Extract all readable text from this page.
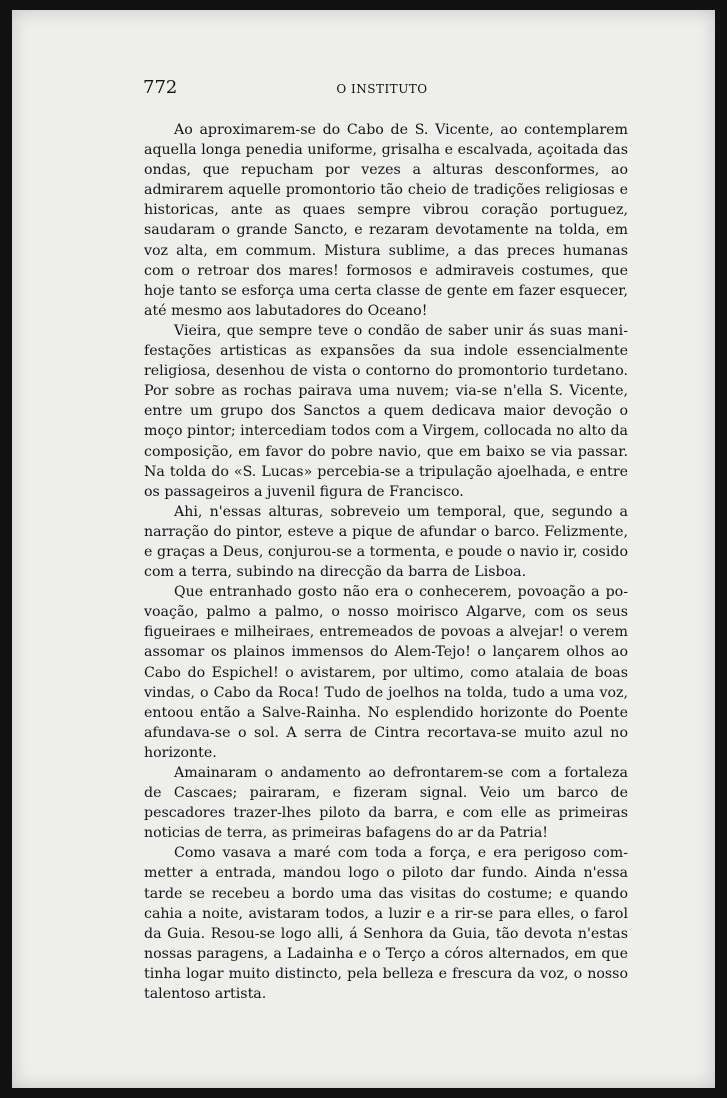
772	O INSTITUTO

Ao aproximarem-se do Cabo de S. Vicente, ao contemplarem aquella longa penedia uniforme, grisalha e escalvada, açoitada das ondas, que repucham por vezes a alturas desconformes, ao admirarem aquelle promontorio tão cheio de tradições religiosas e historicas, ante as quaes sempre vibrou coração portuguez, saudaram o grande Sancto, e rezaram devotamente na tolda, em voz alta, em commum. Mistura sublime, a das preces humanas com o retroar dos mares! formosos e admiraveis costumes, que hoje tanto se esforça uma certa classe de gente em fazer esquecer, até mesmo aos labutadores do Oceano!

Vieira, que sempre teve o condão de saber unir ás suas manifestações artisticas as expansões da sua indole essencialmente religiosa, desenhou de vista o contorno do promontorio turdetano. Por sobre as rochas pairava uma nuvem; via-se n'ella S. Vicente, entre um grupo dos Sanctos a quem dedicava maior devoção o moço pintor; intercediam todos com a Virgem, collocada no alto da composição, em favor do pobre navio, que em baixo se via passar. Na tolda do «S. Lucas» percebia-se a tripulação ajoelhada, e entre os passageiros a juvenil figura de Francisco.

Ahi, n'essas alturas, sobreveio um temporal, que, segundo a narração do pintor, esteve a pique de afundar o barco. Felizmente, e graças a Deus, conjurou-se a tormenta, e poude o navio ir, cosido com a terra, subindo na direcção da barra de Lisboa.

Que entranhado gosto não era o conhecerem, povoação a povoação, palmo a palmo, o nosso moirisco Algarve, com os seus figueiraes e milheiraes, entremeados de povoas a alvejar! o verem assomar os plainos immensos do Alem-Tejo! o lançarem olhos ao Cabo do Espichel! o avistarem, por ultimo, como atalaia de boas vindas, o Cabo da Roca! Tudo de joelhos na tolda, tudo a uma voz, entoou então a Salve-Rainha. No esplendido horizonte do Poente afundava-se o sol. A serra de Cintra recortava-se muito azul no horizonte.

Amainaram o andamento ao defrontarem-se com a fortaleza de Cascaes; pairaram, e fizeram signal. Veio um barco de pescadores trazer-lhes piloto da barra, e com elle as primeiras noticias de terra, as primeiras bafagens do ar da Patria!

Como vasava a maré com toda a força, e era perigoso commetter a entrada, mandou logo o piloto dar fundo. Ainda n'essa tarde se recebeu a bordo uma das visitas do costume; e quando cahia a noite, avistaram todos, a luzir e a rir-se para elles, o farol da Guia. Resou-se logo alli, á Senhora da Guia, tão devota n'estas nossas paragens, a Ladainha e o Terço a córos alternados, em que tinha logar muito distincto, pela belleza e frescura da voz, o nosso talentoso artista.
